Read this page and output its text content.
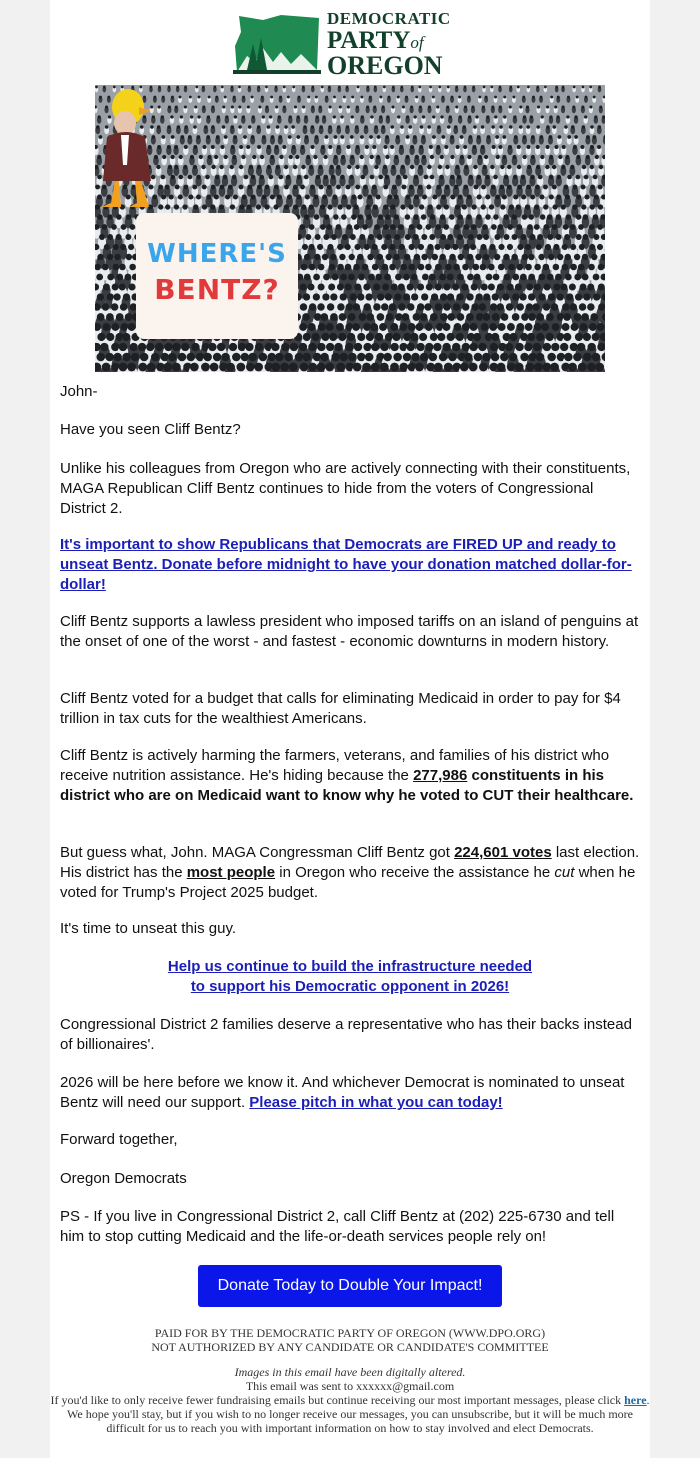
DEMOCRATIC
PARTYof
OREGON
WHERE'S
BENTZ?

John-

Have you seen Cliff Bentz?

Unlike his colleagues from Oregon who are actively connecting with their constituents, MAGA Republican Cliff Bentz continues to hide from the voters of Congressional District 2.

It's important to show Republicans that Democrats are FIRED UP and ready to unseat Bentz. Donate before midnight to have your donation matched dollar-for-dollar!

Cliff Bentz supports a lawless president who imposed tariffs on an island of penguins at the onset of one of the worst - and fastest - economic downturns in modern history.

Cliff Bentz voted for a budget that calls for eliminating Medicaid in order to pay for $4 trillion in tax cuts for the wealthiest Americans.

Cliff Bentz is actively harming the farmers, veterans, and families of his district who receive nutrition assistance. He's hiding because the 277,986 constituents in his district who are on Medicaid want to know why he voted to CUT their healthcare.

But guess what, John. MAGA Congressman Cliff Bentz got 224,601 votes last election. His district has the most people in Oregon who receive the assistance he cut when he voted for Trump's Project 2025 budget.

It's time to unseat this guy.

Help us continue to build the infrastructure needed
to support his Democratic opponent in 2026!

Congressional District 2 families deserve a representative who has their backs instead of billionaires'.

2026 will be here before we know it. And whichever Democrat is nominated to unseat Bentz will need our support. Please pitch in what you can today!

Forward together,

Oregon Democrats

PS - If you live in Congressional District 2, call Cliff Bentz at (202) 225-6730 and tell him to stop cutting Medicaid and the life-or-death services people rely on!

Donate Today to Double Your Impact!
PAID FOR BY THE DEMOCRATIC PARTY OF OREGON (WWW.DPO.ORG)
NOT AUTHORIZED BY ANY CANDIDATE OR CANDIDATE'S COMMITTEE
Images in this email have been digitally altered.
This email was sent to xxxxxx@gmail.com
If you'd like to only receive fewer fundraising emails but continue receiving our most important messages, please click here. We hope you'll stay, but if you wish to no longer receive our messages, you can unsubscribe, but it will be much more difficult for us to reach you with important information on how to stay involved and elect Democrats.
